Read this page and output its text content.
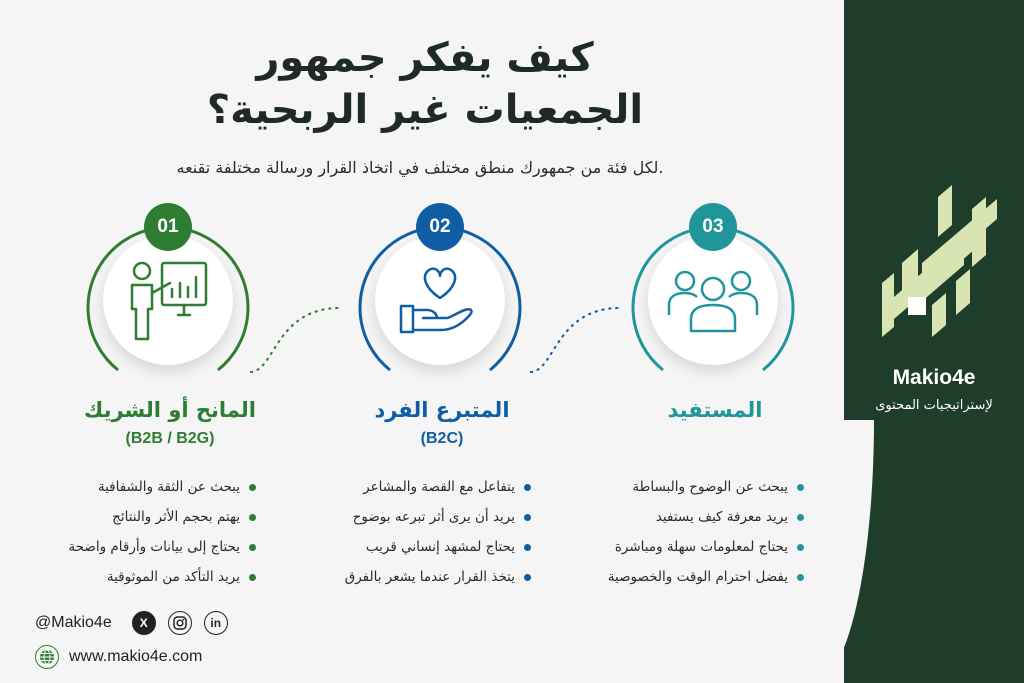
Makio4e
لإستراتيجيات المحتوى
كيف يفكر جمهور
الجمعيات غير الربحية؟
لكل فئة من جمهورك منطق مختلف في اتخاذ القرار ورسالة مختلفة تقنعه.
01
المانح أو الشريك
(B2B / B2G)
يبحث عن الثقة والشفافية
يهتم بحجم الأثر والنتائج
يحتاج إلى بيانات وأرقام واضحة
يريد التأكد من الموثوقية
02
المتبرع الفرد
(B2C)
يتفاعل مع القصة والمشاعر
يريد أن يرى أثر تبرعه بوضوح
يحتاج لمشهد إنساني قريب
يتخذ القرار عندما يشعر بالفرق
03
المستفيد
يبحث عن الوضوح والبساطة
يريد معرفة كيف يستفيد
يحتاج لمعلومات سهلة ومباشرة
يفضل احترام الوقت والخصوصية
@Makio4e	X	in
www.makio4e.com
